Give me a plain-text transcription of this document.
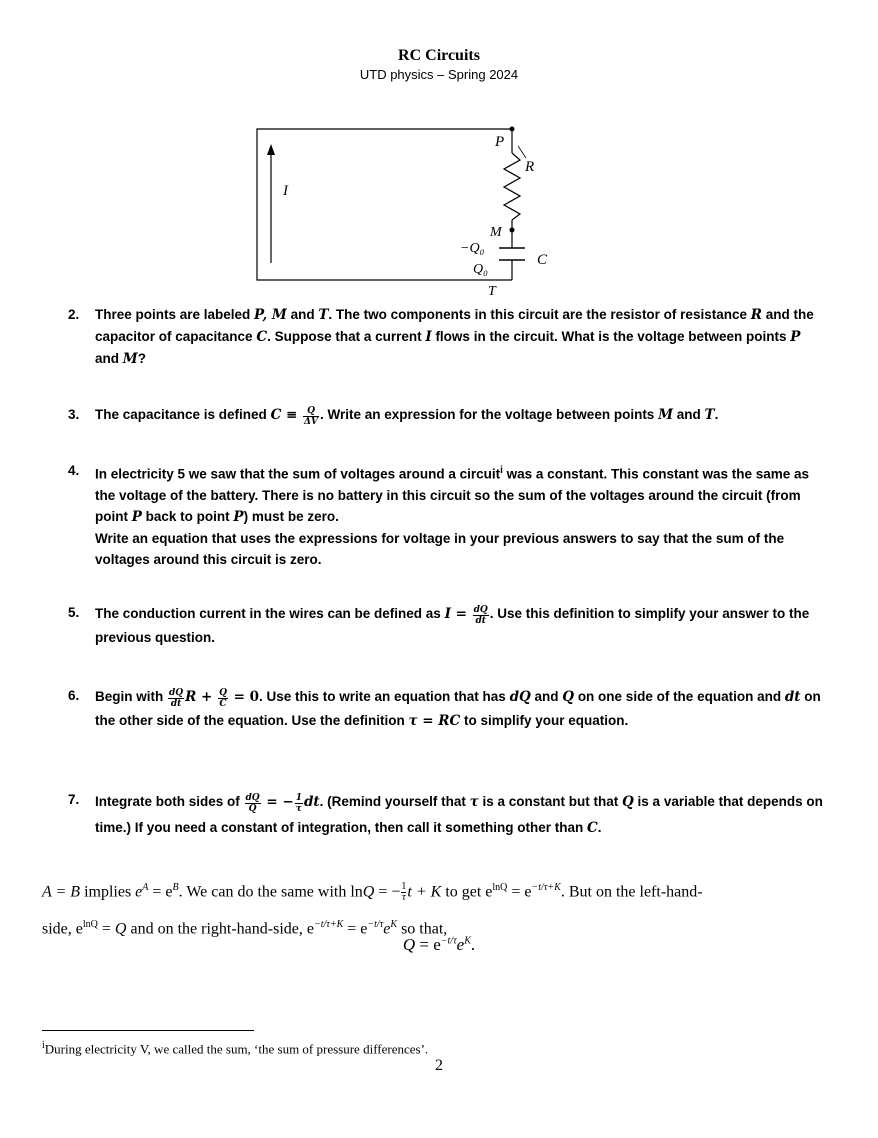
RC Circuits
UTD physics – Spring 2024
P
R
I
M
−Q₀
C
Q₀
T
2. Three points are labeled P, M and T. The two components in this circuit are the resistor of resistance R and the capacitor of capacitance C. Suppose that a current I flows in the circuit. What is the voltage between points P and M?
3. The capacitance is defined $C \equiv \frac{Q}{\Delta V}$ . Write an expression for the voltage between points M and T.
4. In electricity 5 we saw that the sum of voltages around a circuit$^i$ was a constant. This constant was the same as the voltage of the battery. There is no battery in this circuit so the sum of the voltages around the circuit (from point P back to point P) must be zero.
Write an equation that uses the expressions for voltage in your previous answers to say that the sum of the voltages around this circuit is zero.
5. The conduction current in the wires can be defined as $I = \frac{dQ}{dt}$ . Use this definition to simplify your answer to the previous question.
6. Begin with $\frac{dQ}{dt}$ $R + \frac{Q}{C} = 0$. Use this to write an equation that has dQ and Q on one side of the equation and dt on the other side of the equation. Use the definition τ = RC to simplify your equation.
7. Integrate both sides of $\frac{dQ}{Q}$ = − $\frac{1}{\tau}$ dt. (Remind yourself that τ is a constant but that Q is a variable that depends on time.) If you need a constant of integration, then call it something other than C.
A = B implies $e^A = e^B$. We can do the same with lnQ = − $\frac{1}{\tau}t + K$ to get $e^{lnQ} = e^{-t/\tau+K}$. But on the left-hand-
side, $e^{lnQ} = Q$ and on the right-hand-side, $e^{-t/\tau+K} = e^{-t/\tau}e^K$ so that,
$Q = e^{-t/\tau}e^K$.
$^i$During electricity V, we called the sum, ‘the sum of pressure differences’.
2
